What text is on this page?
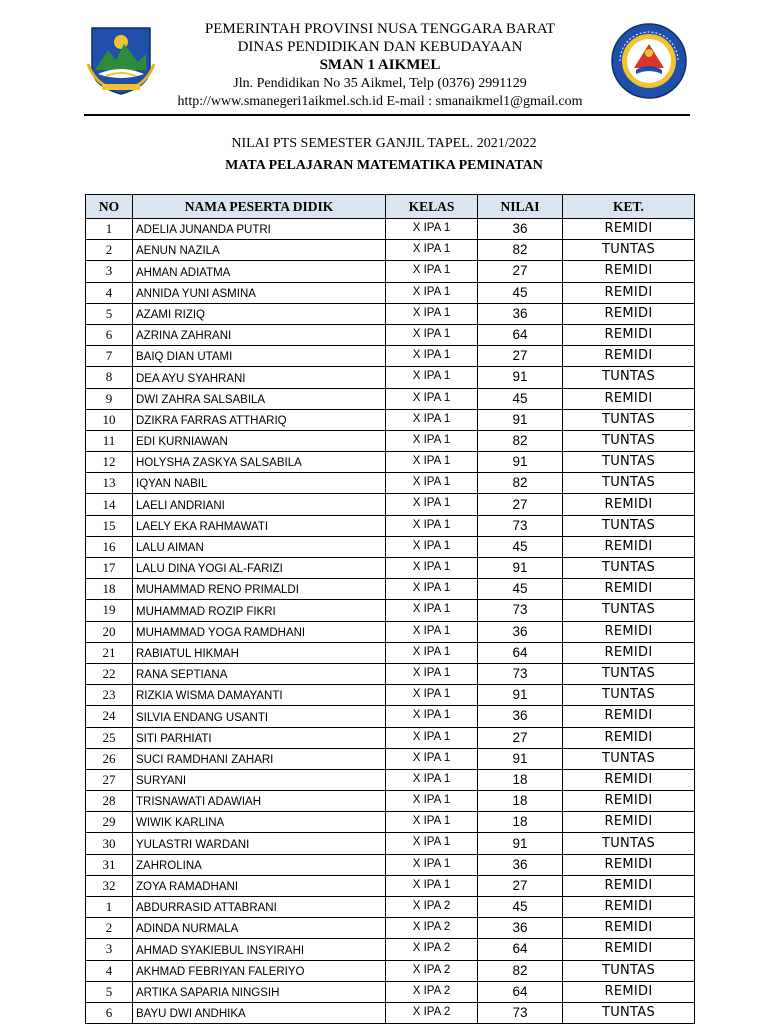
PEMERINTAH PROVINSI NUSA TENGGARA BARAT
DINAS PENDIDIKAN DAN KEBUDAYAAN
SMAN 1 AIKMEL
Jln. Pendidikan No 35 Aikmel, Telp (0376) 2991129
http://www.smanegeri1aikmel.sch.id E-mail : smanaikmel1@gmail.com
NILAI PTS SEMESTER GANJIL TAPEL. 2021/2022
MATA PELAJARAN MATEMATIKA PEMINATAN
NO	NAMA PESERTA DIDIK	KELAS	NILAI	KET.
1	ADELIA JUNANDA PUTRI	X IPA 1	36	REMIDI
2	AENUN NAZILA	X IPA 1	82	TUNTAS
3	AHMAN ADIATMA	X IPA 1	27	REMIDI
4	ANNIDA YUNI ASMINA	X IPA 1	45	REMIDI
5	AZAMI RIZIQ	X IPA 1	36	REMIDI
6	AZRINA ZAHRANI	X IPA 1	64	REMIDI
7	BAIQ DIAN UTAMI	X IPA 1	27	REMIDI
8	DEA AYU SYAHRANI	X IPA 1	91	TUNTAS
9	DWI ZAHRA SALSABILA	X IPA 1	45	REMIDI
10	DZIKRA FARRAS ATTHARIQ	X IPA 1	91	TUNTAS
11	EDI KURNIAWAN	X IPA 1	82	TUNTAS
12	HOLYSHA ZASKYA SALSABILA	X IPA 1	91	TUNTAS
13	IQYAN NABIL	X IPA 1	82	TUNTAS
14	LAELI ANDRIANI	X IPA 1	27	REMIDI
15	LAELY EKA RAHMAWATI	X IPA 1	73	TUNTAS
16	LALU AIMAN	X IPA 1	45	REMIDI
17	LALU DINA YOGI AL-FARIZI	X IPA 1	91	TUNTAS
18	MUHAMMAD RENO PRIMALDI	X IPA 1	45	REMIDI
19	MUHAMMAD ROZIP FIKRI	X IPA 1	73	TUNTAS
20	MUHAMMAD YOGA RAMDHANI	X IPA 1	36	REMIDI
21	RABIATUL HIKMAH	X IPA 1	64	REMIDI
22	RANA SEPTIANA	X IPA 1	73	TUNTAS
23	RIZKIA WISMA DAMAYANTI	X IPA 1	91	TUNTAS
24	SILVIA ENDANG USANTI	X IPA 1	36	REMIDI
25	SITI PARHIATI	X IPA 1	27	REMIDI
26	SUCI RAMDHANI ZAHARI	X IPA 1	91	TUNTAS
27	SURYANI	X IPA 1	18	REMIDI
28	TRISNAWATI ADAWIAH	X IPA 1	18	REMIDI
29	WIWIK KARLINA	X IPA 1	18	REMIDI
30	YULASTRI WARDANI	X IPA 1	91	TUNTAS
31	ZAHROLINA	X IPA 1	36	REMIDI
32	ZOYA RAMADHANI	X IPA 1	27	REMIDI
1	ABDURRASID ATTABRANI	X IPA 2	45	REMIDI
2	ADINDA NURMALA	X IPA 2	36	REMIDI
3	AHMAD SYAKIEBUL INSYIRAHI	X IPA 2	64	REMIDI
4	AKHMAD FEBRIYAN FALERIYO	X IPA 2	82	TUNTAS
5	ARTIKA SAPARIA NINGSIH	X IPA 2	64	REMIDI
6	BAYU DWI ANDHIKA	X IPA 2	73	TUNTAS
